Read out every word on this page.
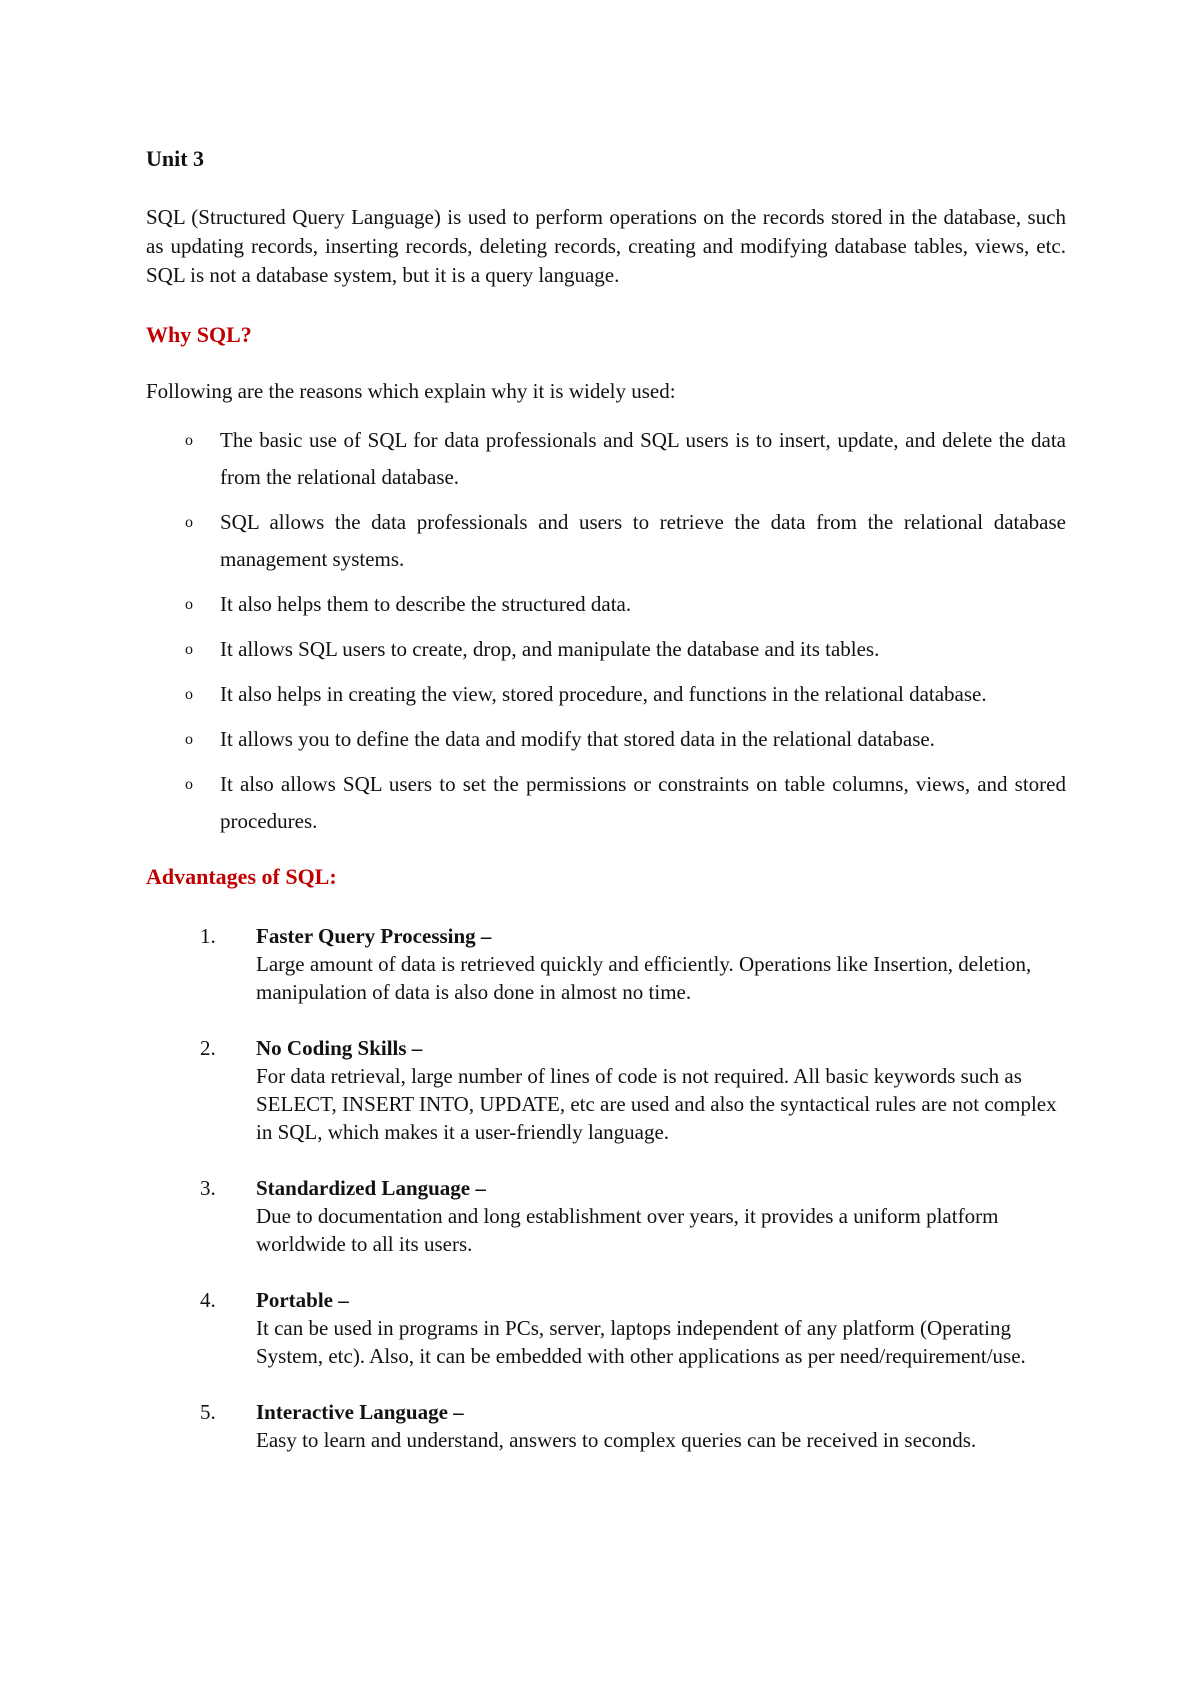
Unit 3
SQL (Structured Query Language) is used to perform operations on the records stored in the database, such as updating records, inserting records, deleting records, creating and modifying database tables, views, etc. SQL is not a database system, but it is a query language.
Why SQL?
Following are the reasons which explain why it is widely used:
o The basic use of SQL for data professionals and SQL users is to insert, update, and delete the data from the relational database.
o SQL allows the data professionals and users to retrieve the data from the relational database management systems.
o It also helps them to describe the structured data.
o It allows SQL users to create, drop, and manipulate the database and its tables.
o It also helps in creating the view, stored procedure, and functions in the relational database.
o It allows you to define the data and modify that stored data in the relational database.
o It also allows SQL users to set the permissions or constraints on table columns, views, and stored procedures.
Advantages of SQL:
1. Faster Query Processing –
Large amount of data is retrieved quickly and efficiently. Operations like Insertion, deletion, manipulation of data is also done in almost no time.
2. No Coding Skills –
For data retrieval, large number of lines of code is not required. All basic keywords such as SELECT, INSERT INTO, UPDATE, etc are used and also the syntactical rules are not complex in SQL, which makes it a user-friendly language.
3. Standardized Language –
Due to documentation and long establishment over years, it provides a uniform platform worldwide to all its users.
4. Portable –
It can be used in programs in PCs, server, laptops independent of any platform (Operating System, etc). Also, it can be embedded with other applications as per need/requirement/use.
5. Interactive Language –
Easy to learn and understand, answers to complex queries can be received in seconds.
